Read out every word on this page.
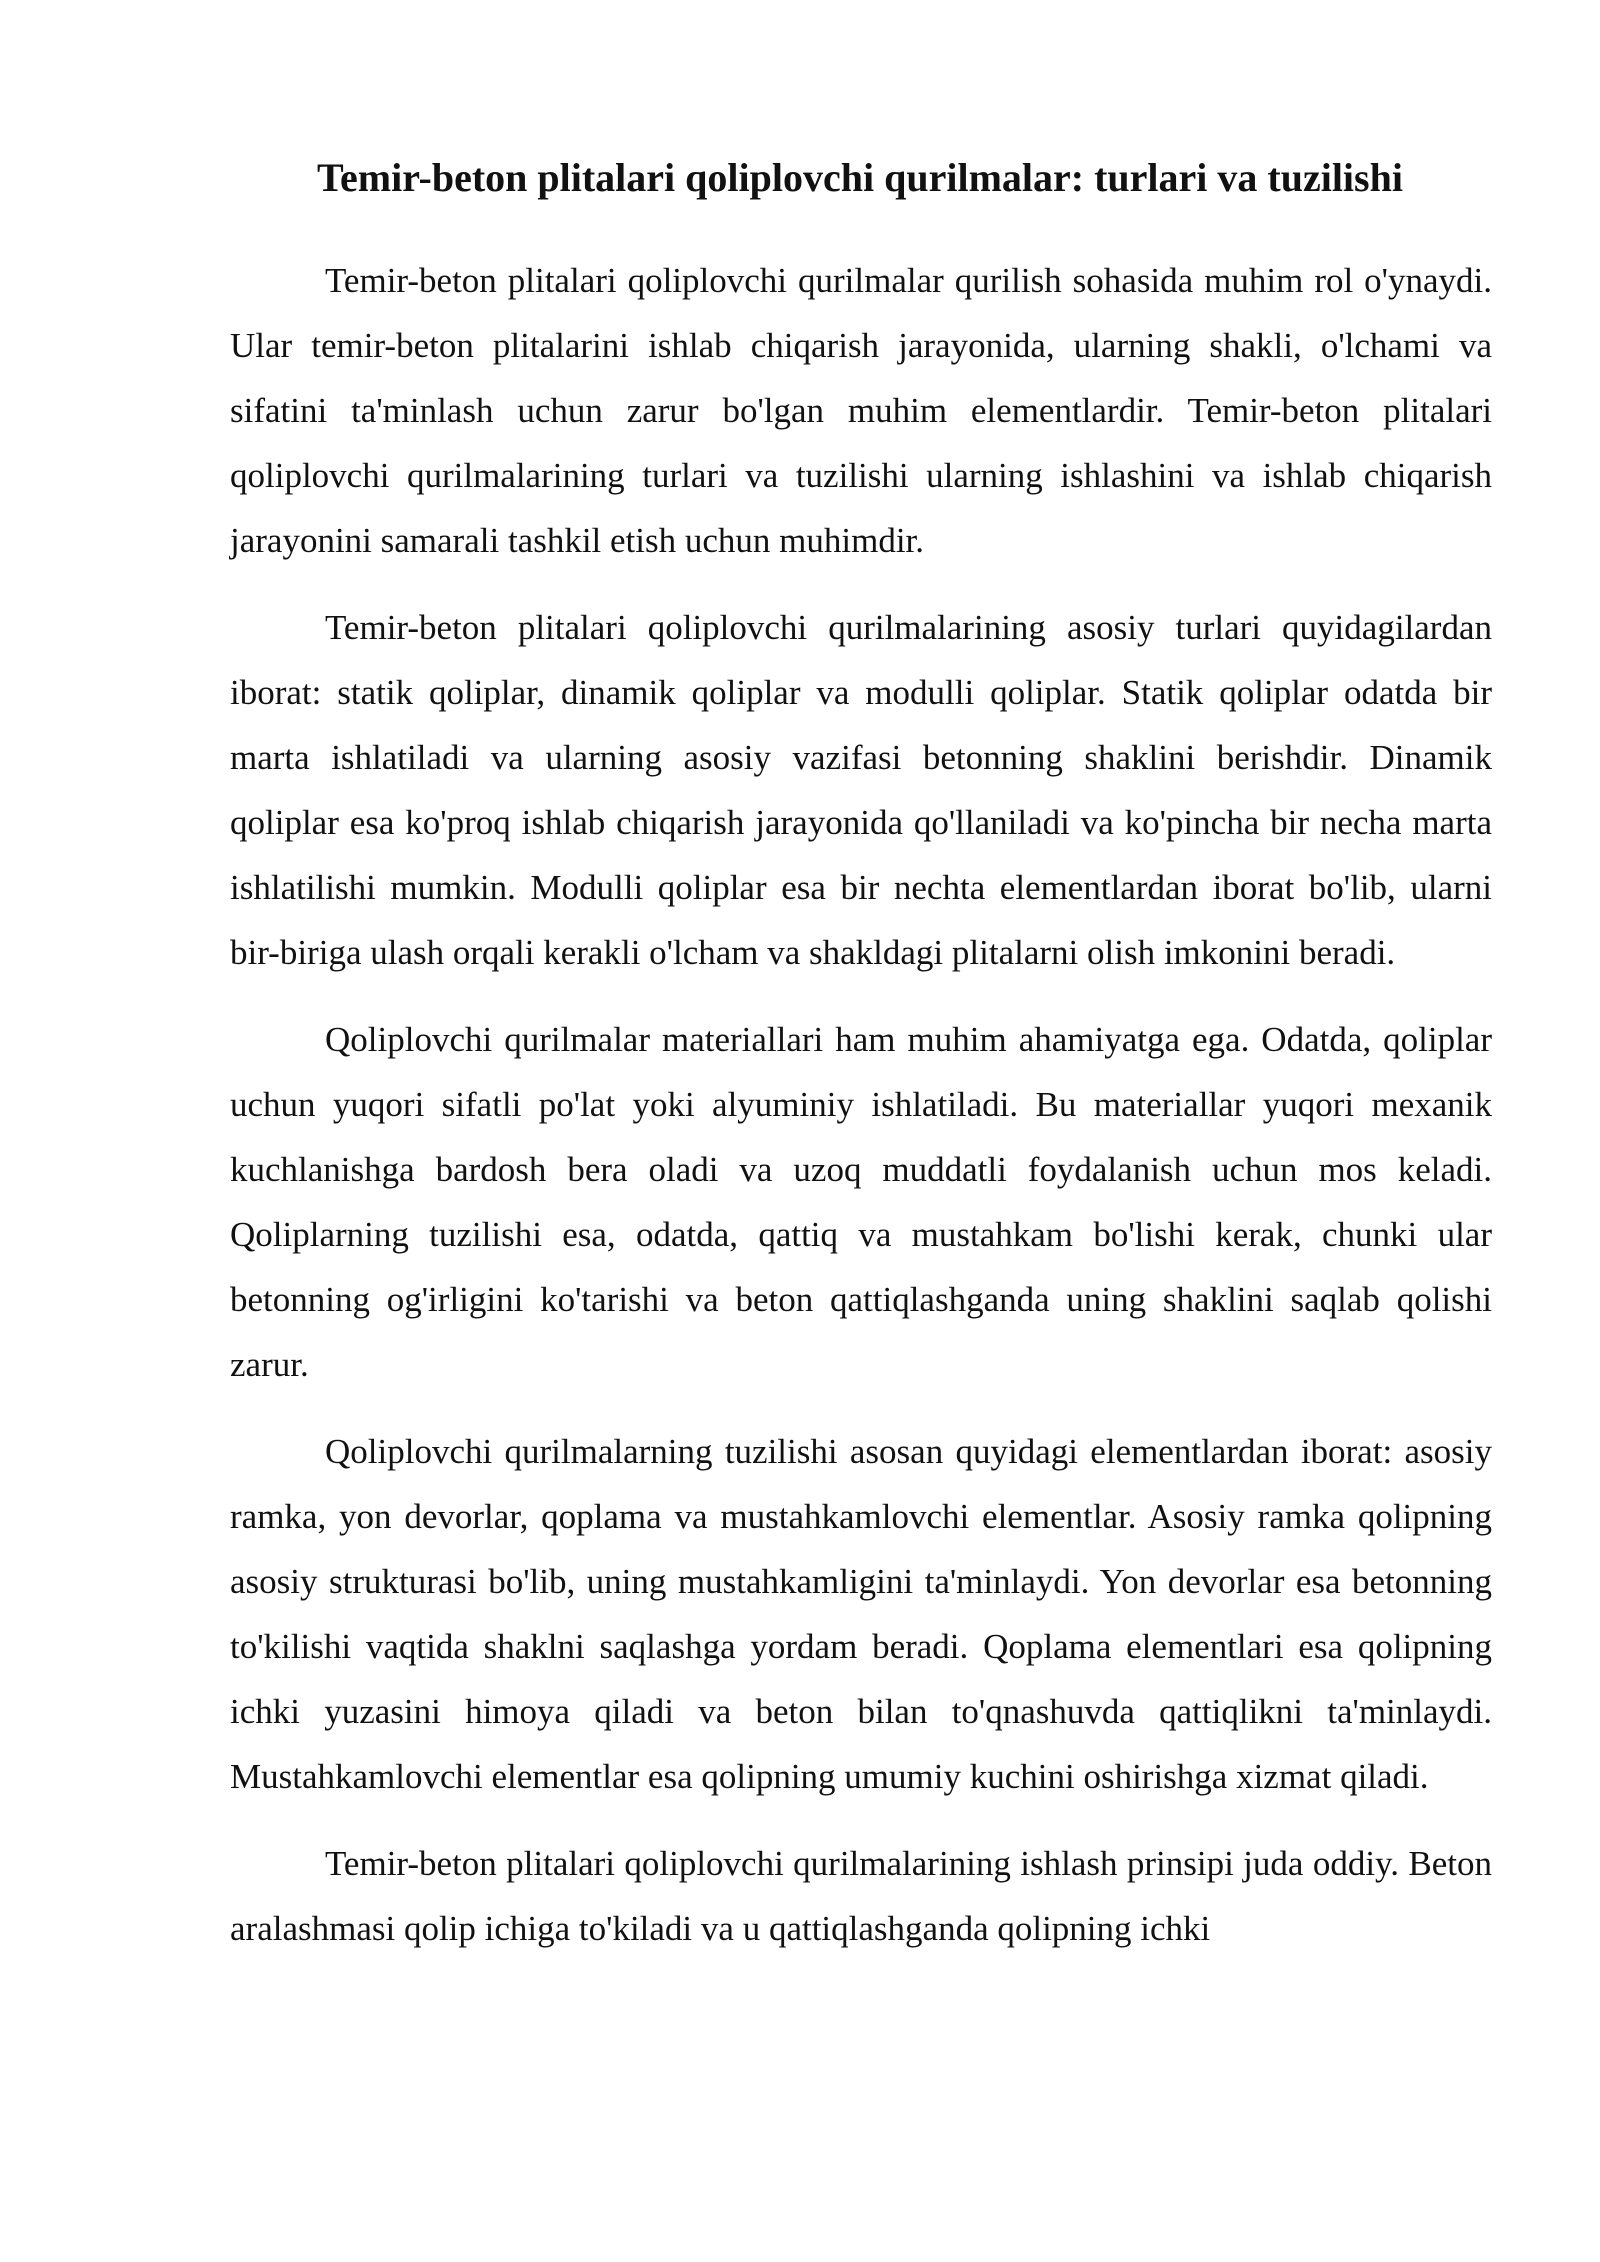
Temir-beton plitalari qoliplovchi qurilmalar: turlari va tuzilishi

Temir-beton plitalari qoliplovchi qurilmalar qurilish sohasida muhim rol o'ynaydi. Ular temir-beton plitalarini ishlab chiqarish jarayonida, ularning shakli, o'lchami va sifatini ta'minlash uchun zarur bo'lgan muhim elementlardir. Temir-beton plitalari qoliplovchi qurilmalarining turlari va tuzilishi ularning ishlashini va ishlab chiqarish jarayonini samarali tashkil etish uchun muhimdir.

Temir-beton plitalari qoliplovchi qurilmalarining asosiy turlari quyidagilardan iborat: statik qoliplar, dinamik qoliplar va modulli qoliplar. Statik qoliplar odatda bir marta ishlatiladi va ularning asosiy vazifasi betonning shaklini berishdir. Dinamik qoliplar esa ko'proq ishlab chiqarish jarayonida qo'llaniladi va ko'pincha bir necha marta ishlatilishi mumkin. Modulli qoliplar esa bir nechta elementlardan iborat bo'lib, ularni bir-biriga ulash orqali kerakli o'lcham va shakldagi plitalarni olish imkonini beradi.

Qoliplovchi qurilmalar materiallari ham muhim ahamiyatga ega. Odatda, qoliplar uchun yuqori sifatli po'lat yoki alyuminiy ishlatiladi. Bu materiallar yuqori mexanik kuchlanishga bardosh bera oladi va uzoq muddatli foydalanish uchun mos keladi. Qoliplarning tuzilishi esa, odatda, qattiq va mustahkam bo'lishi kerak, chunki ular betonning og'irligini ko'tarishi va beton qattiqlashganda uning shaklini saqlab qolishi zarur.

Qoliplovchi qurilmalarning tuzilishi asosan quyidagi elementlardan iborat: asosiy ramka, yon devorlar, qoplama va mustahkamlovchi elementlar. Asosiy ramka qolipning asosiy strukturasi bo'lib, uning mustahkamligini ta'minlaydi. Yon devorlar esa betonning to'kilishi vaqtida shaklni saqlashga yordam beradi. Qoplama elementlari esa qolipning ichki yuzasini himoya qiladi va beton bilan to'qnashuvda qattiqlikni ta'minlaydi. Mustahkamlovchi elementlar esa qolipning umumiy kuchini oshirishga xizmat qiladi.

Temir-beton plitalari qoliplovchi qurilmalarining ishlash prinsipi juda oddiy. Beton aralashmasi qolip ichiga to'kiladi va u qattiqlashganda qolipning ichki
